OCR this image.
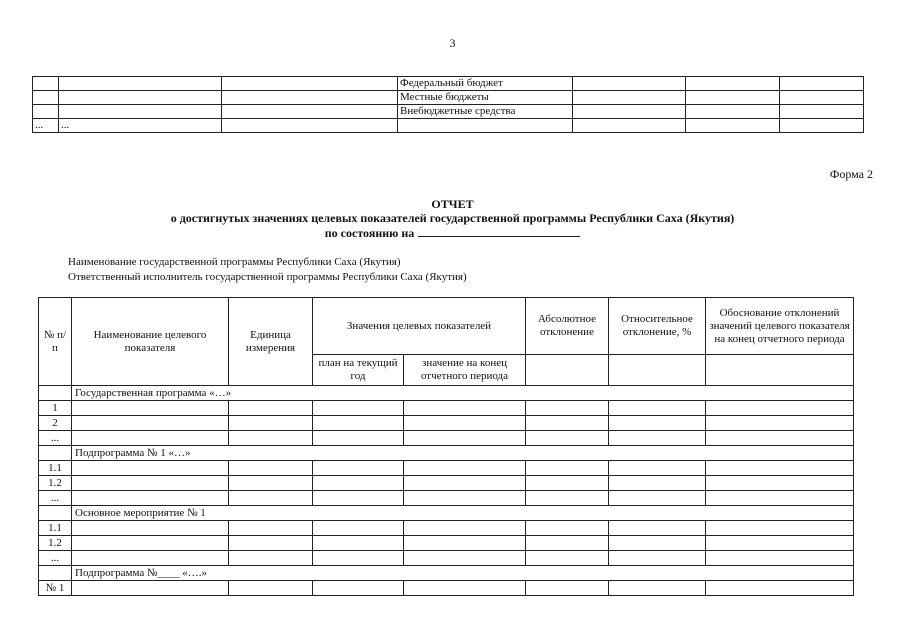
3
			Федеральный бюджет			
			Местные бюджеты			
			Внебюджетные средства			
...	...					
Форма 2
ОТЧЕТ
о достигнутых значениях целевых показателей государственной программы Республики Саха (Якутия)
по состоянию на
Наименование государственной программы Республики Саха (Якутия)
Ответственный исполнитель государственной программы Республики Саха (Якутия)
№ п/п	Наименование целевого показателя	Единица измерения	Значения целевых показателей		Абсолютное отклонение	Относительное отклонение, %	Обоснование отклонений значений целевого показателя на конец отчетного периода
			план на текущий год	значение на конец отчетного периода			
	Государственная программа «…»						
1							
2							
...							
	Подпрограмма № 1 «…»						
1.1							
1.2							
...							
	Основное мероприятие № 1						
1.1							
1.2							
...							
	Подпрограмма №____ «….»						
№ 1							
